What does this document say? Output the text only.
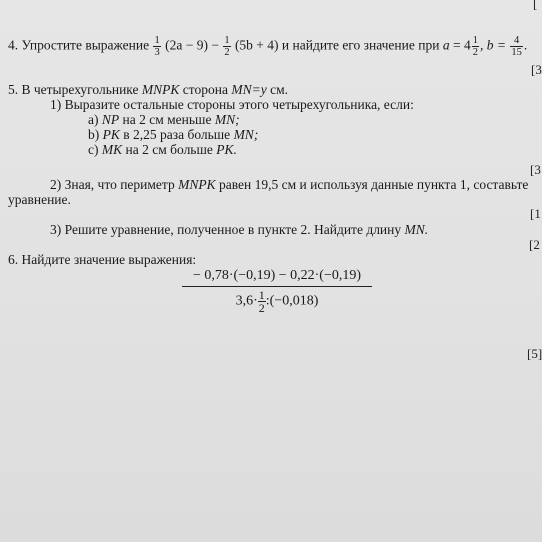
[
4. Упростите выражение $\frac{1}{3} (2a - 9) - \frac{1}{2} (5b + 4)$ и найдите его значение при $a = 4 \frac{1}{2}$ , $b = \frac{4}{15}$ .
[3
5. В четырехугольнике MNPK сторона MN=y см.
1) Выразите остальные стороны этого четырехугольника, если:
a) NP на 2 см меньше MN;
b) PK в 2,25 раза больше MN;
c) MK на 2 см больше PK.
[3
2) Зная, что периметр MNPK равен 19,5 см и используя данные пункта 1, составьте
уравнение.
[1
3) Решите уравнение, полученное в пункте 2. Найдите длину MN.
[2
6. Найдите значение выражения:
$\frac{- 0,78\cdot(-0,19) - 0,22\cdot(-0,19)}{3,6\cdot \frac{1}{2} :(-0,018)}$
[5]
